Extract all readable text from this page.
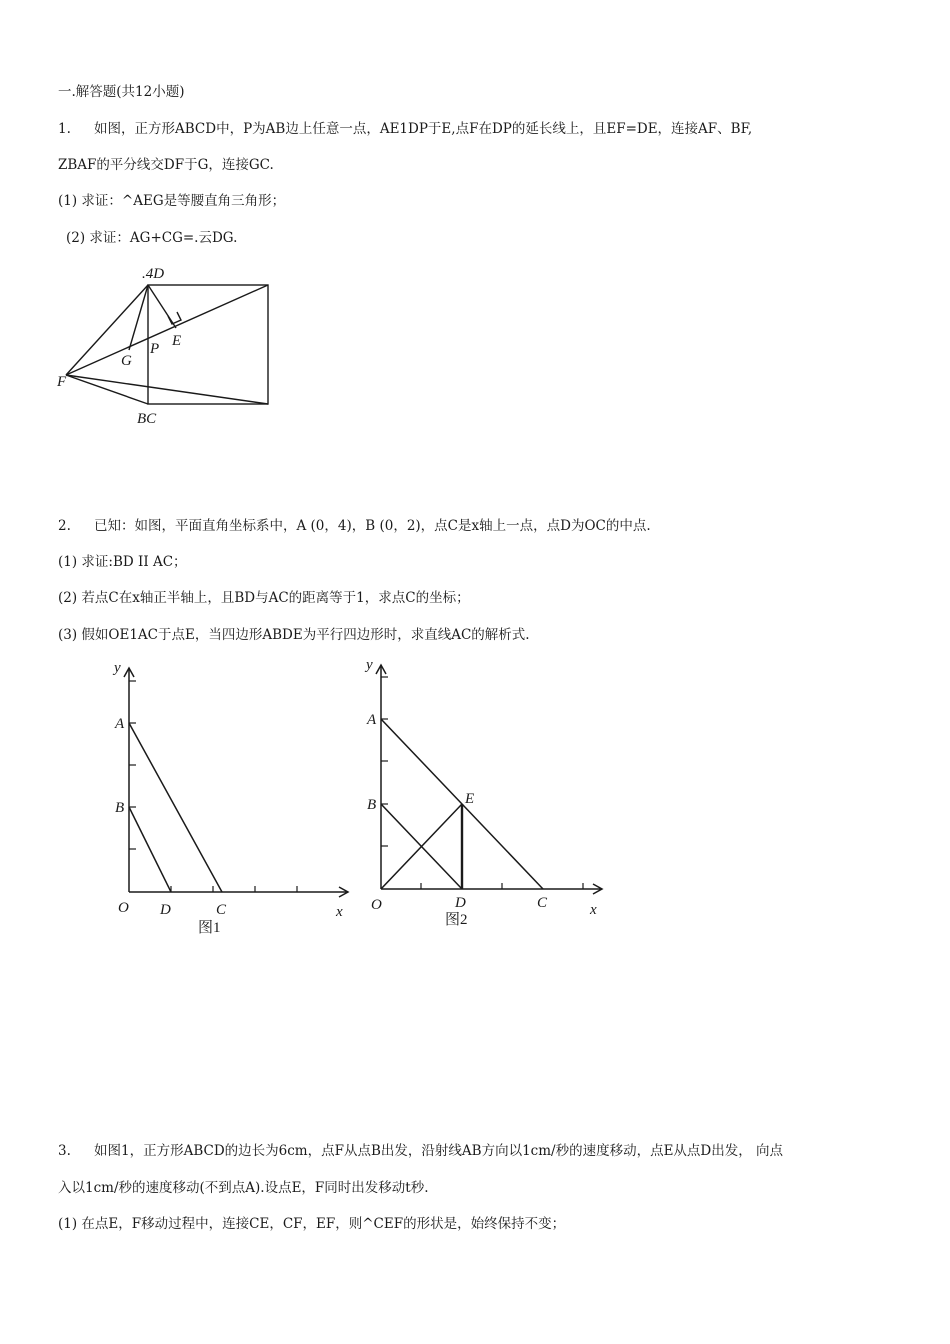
一.解答题(共12小题)
1. 如图，正方形ABCD中，P为AB边上任意一点，AE1DP于E,点F在DP的延长线上，且EF=DE，连接AF、BF,
ZBAF的平分线交DF于G，连接GC.
(1) 求证：^AEG是等腰直角三角形；
(2) 求证：AG+CG=.云DG.
.4D
E
G
P
F
BC
2. 已知：如图，平面直角坐标系中，A (0，4)，B (0，2)，点C是x轴上一点，点D为OC的中点.
(1) 求证:BD II AC；
(2) 若点C在x轴正半轴上，且BD与AC的距离等于1，求点C的坐标；
(3) 假如OE1AC于点E，当四边形ABDE为平行四边形时，求直线AC的解析式.
y
A
B
O D	C	x
图1
y
A
B	E
O	D	C	x
图2
3. 如图1，正方形ABCD的边长为6cm，点F从点B出发，沿射线AB方向以1cm/秒的速度移动，点E从点D出发， 向点
入以1cm/秒的速度移动(不到点A).设点E，F同时出发移动t秒.
(1) 在点E，F移动过程中，连接CE，CF，EF，则^CEF的形状是，始终保持不变；
